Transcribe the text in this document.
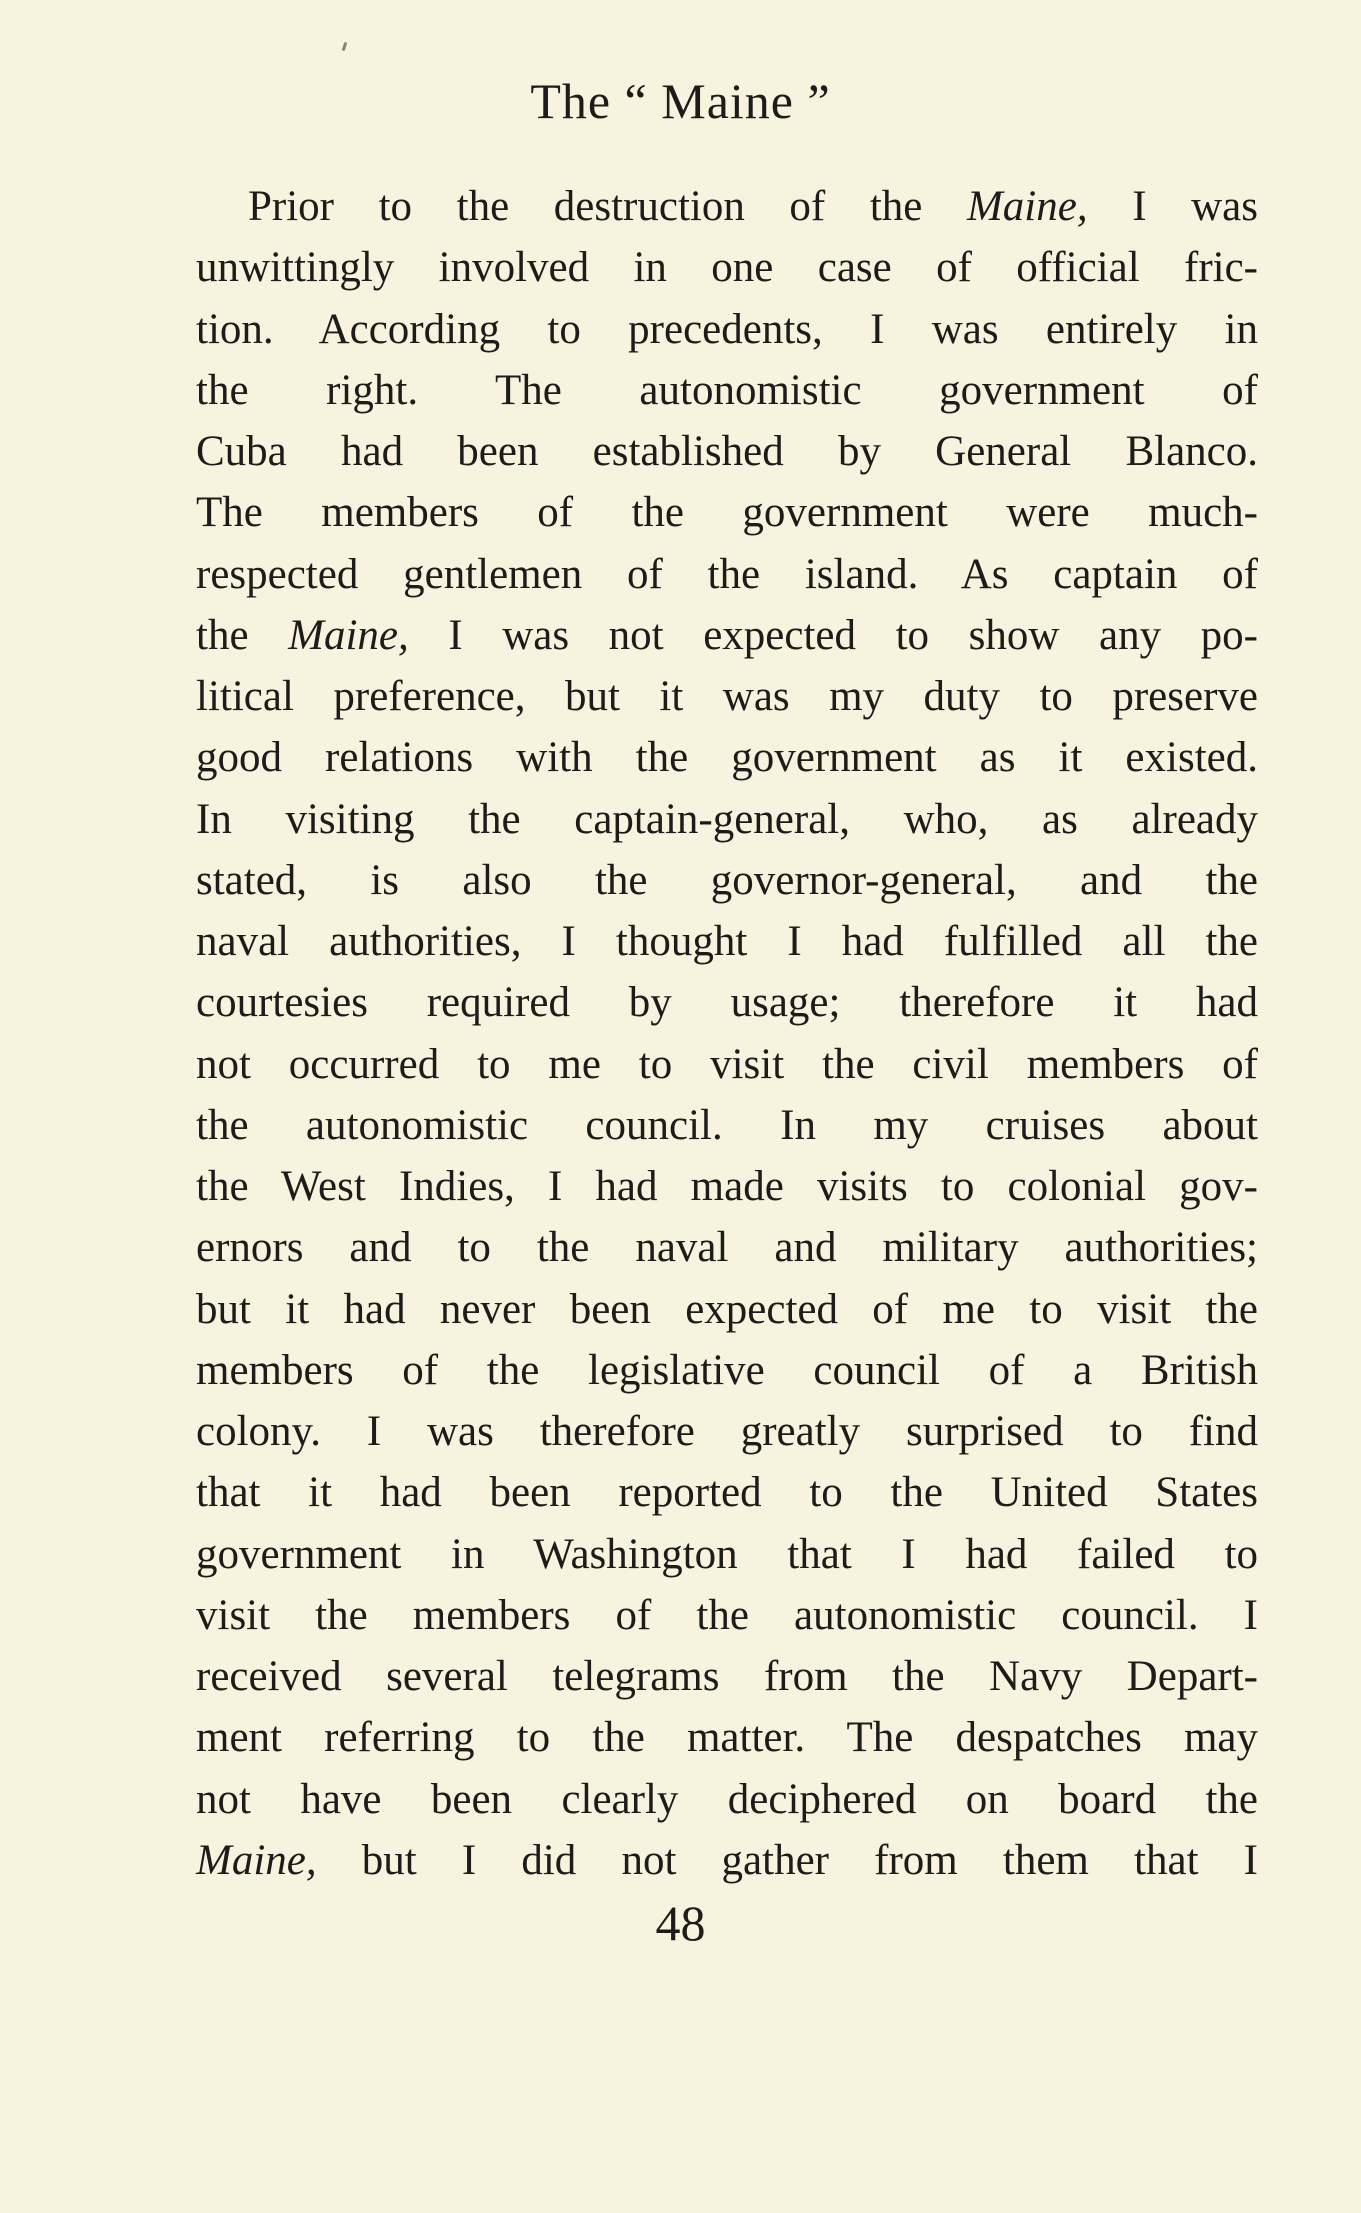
The “ Maine ”
Prior to the destruction of the Maine, I was
unwittingly involved in one case of official fric-
tion. According to precedents, I was entirely in
the right. The autonomistic government of
Cuba had been established by General Blanco.
The members of the government were much-
respected gentlemen of the island. As captain of
the Maine, I was not expected to show any po-
litical preference, but it was my duty to preserve
good relations with the government as it existed.
In visiting the captain-general, who, as already
stated, is also the governor-general, and the
naval authorities, I thought I had fulfilled all the
courtesies required by usage; therefore it had
not occurred to me to visit the civil members of
the autonomistic council. In my cruises about
the West Indies, I had made visits to colonial gov-
ernors and to the naval and military authorities;
but it had never been expected of me to visit the
members of the legislative council of a British
colony. I was therefore greatly surprised to find
that it had been reported to the United States
government in Washington that I had failed to
visit the members of the autonomistic council. I
received several telegrams from the Navy Depart-
ment referring to the matter. The despatches may
not have been clearly deciphered on board the
Maine, but I did not gather from them that I
48
